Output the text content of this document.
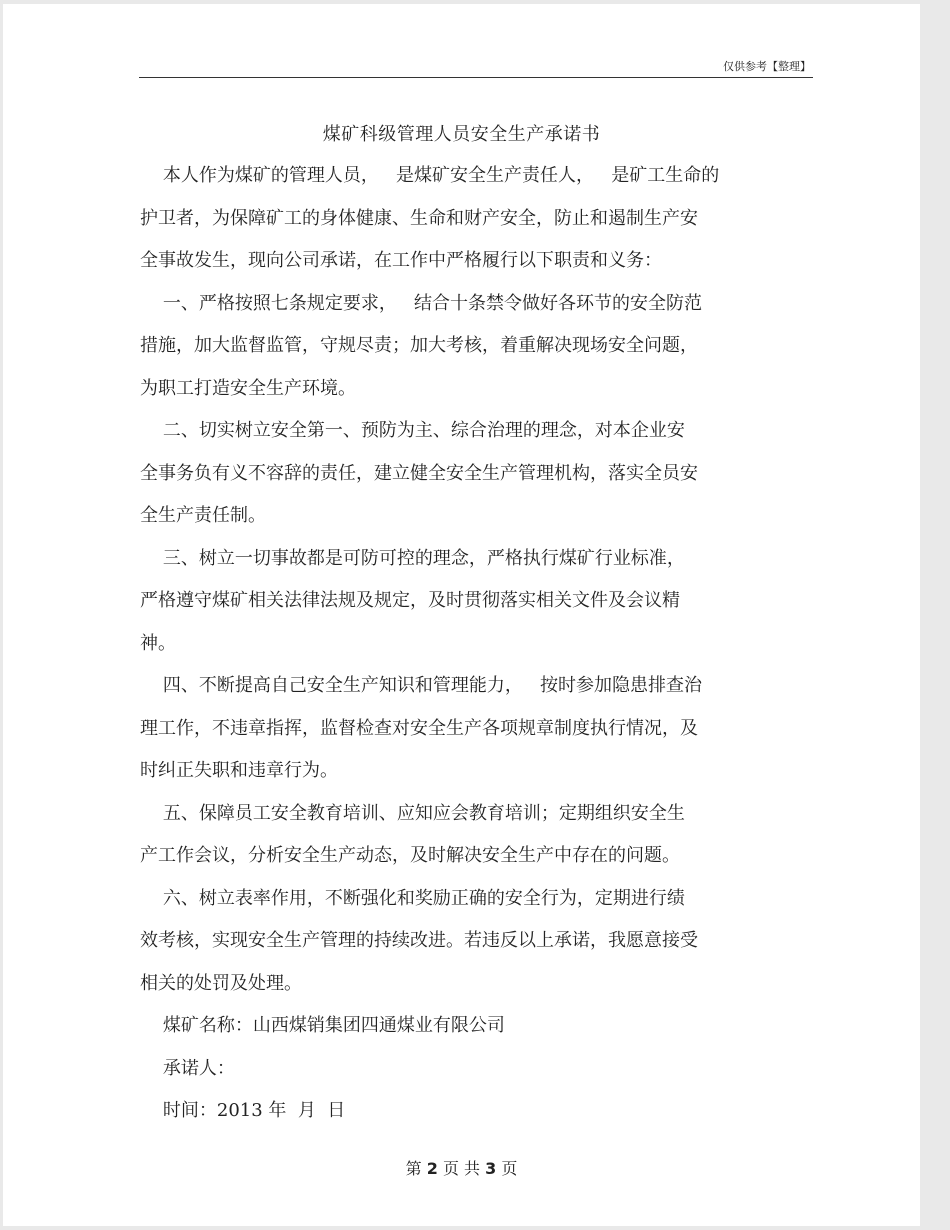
仅供参考【整理】
煤矿科级管理人员安全生产承诺书
本人作为煤矿的管理人员，   是煤矿安全生产责任人，   是矿工生命的
护卫者，为保障矿工的身体健康、生命和财产安全，防止和遏制生产安
全事故发生，现向公司承诺，在工作中严格履行以下职责和义务：
一、严格按照七条规定要求，   结合十条禁令做好各环节的安全防范
措施，加大监督监管，守规尽责；加大考核，着重解决现场安全问题，
为职工打造安全生产环境。
二、切实树立安全第一、预防为主、综合治理的理念，对本企业安
全事务负有义不容辞的责任，建立健全安全生产管理机构，落实全员安
全生产责任制。
三、树立一切事故都是可防可控的理念，严格执行煤矿行业标准，
严格遵守煤矿相关法律法规及规定，及时贯彻落实相关文件及会议精
神。
四、不断提高自己安全生产知识和管理能力，   按时参加隐患排查治
理工作，不违章指挥，监督检查对安全生产各项规章制度执行情况，及
时纠正失职和违章行为。
五、保障员工安全教育培训、应知应会教育培训；定期组织安全生
产工作会议，分析安全生产动态，及时解决安全生产中存在的问题。
六、树立表率作用，不断强化和奖励正确的安全行为，定期进行绩
效考核，实现安全生产管理的持续改进。若违反以上承诺，我愿意接受
相关的处罚及处理。
煤矿名称：山西煤销集团四通煤业有限公司
承诺人：
时间：2013 年  月  日
第 2 页 共 3 页
